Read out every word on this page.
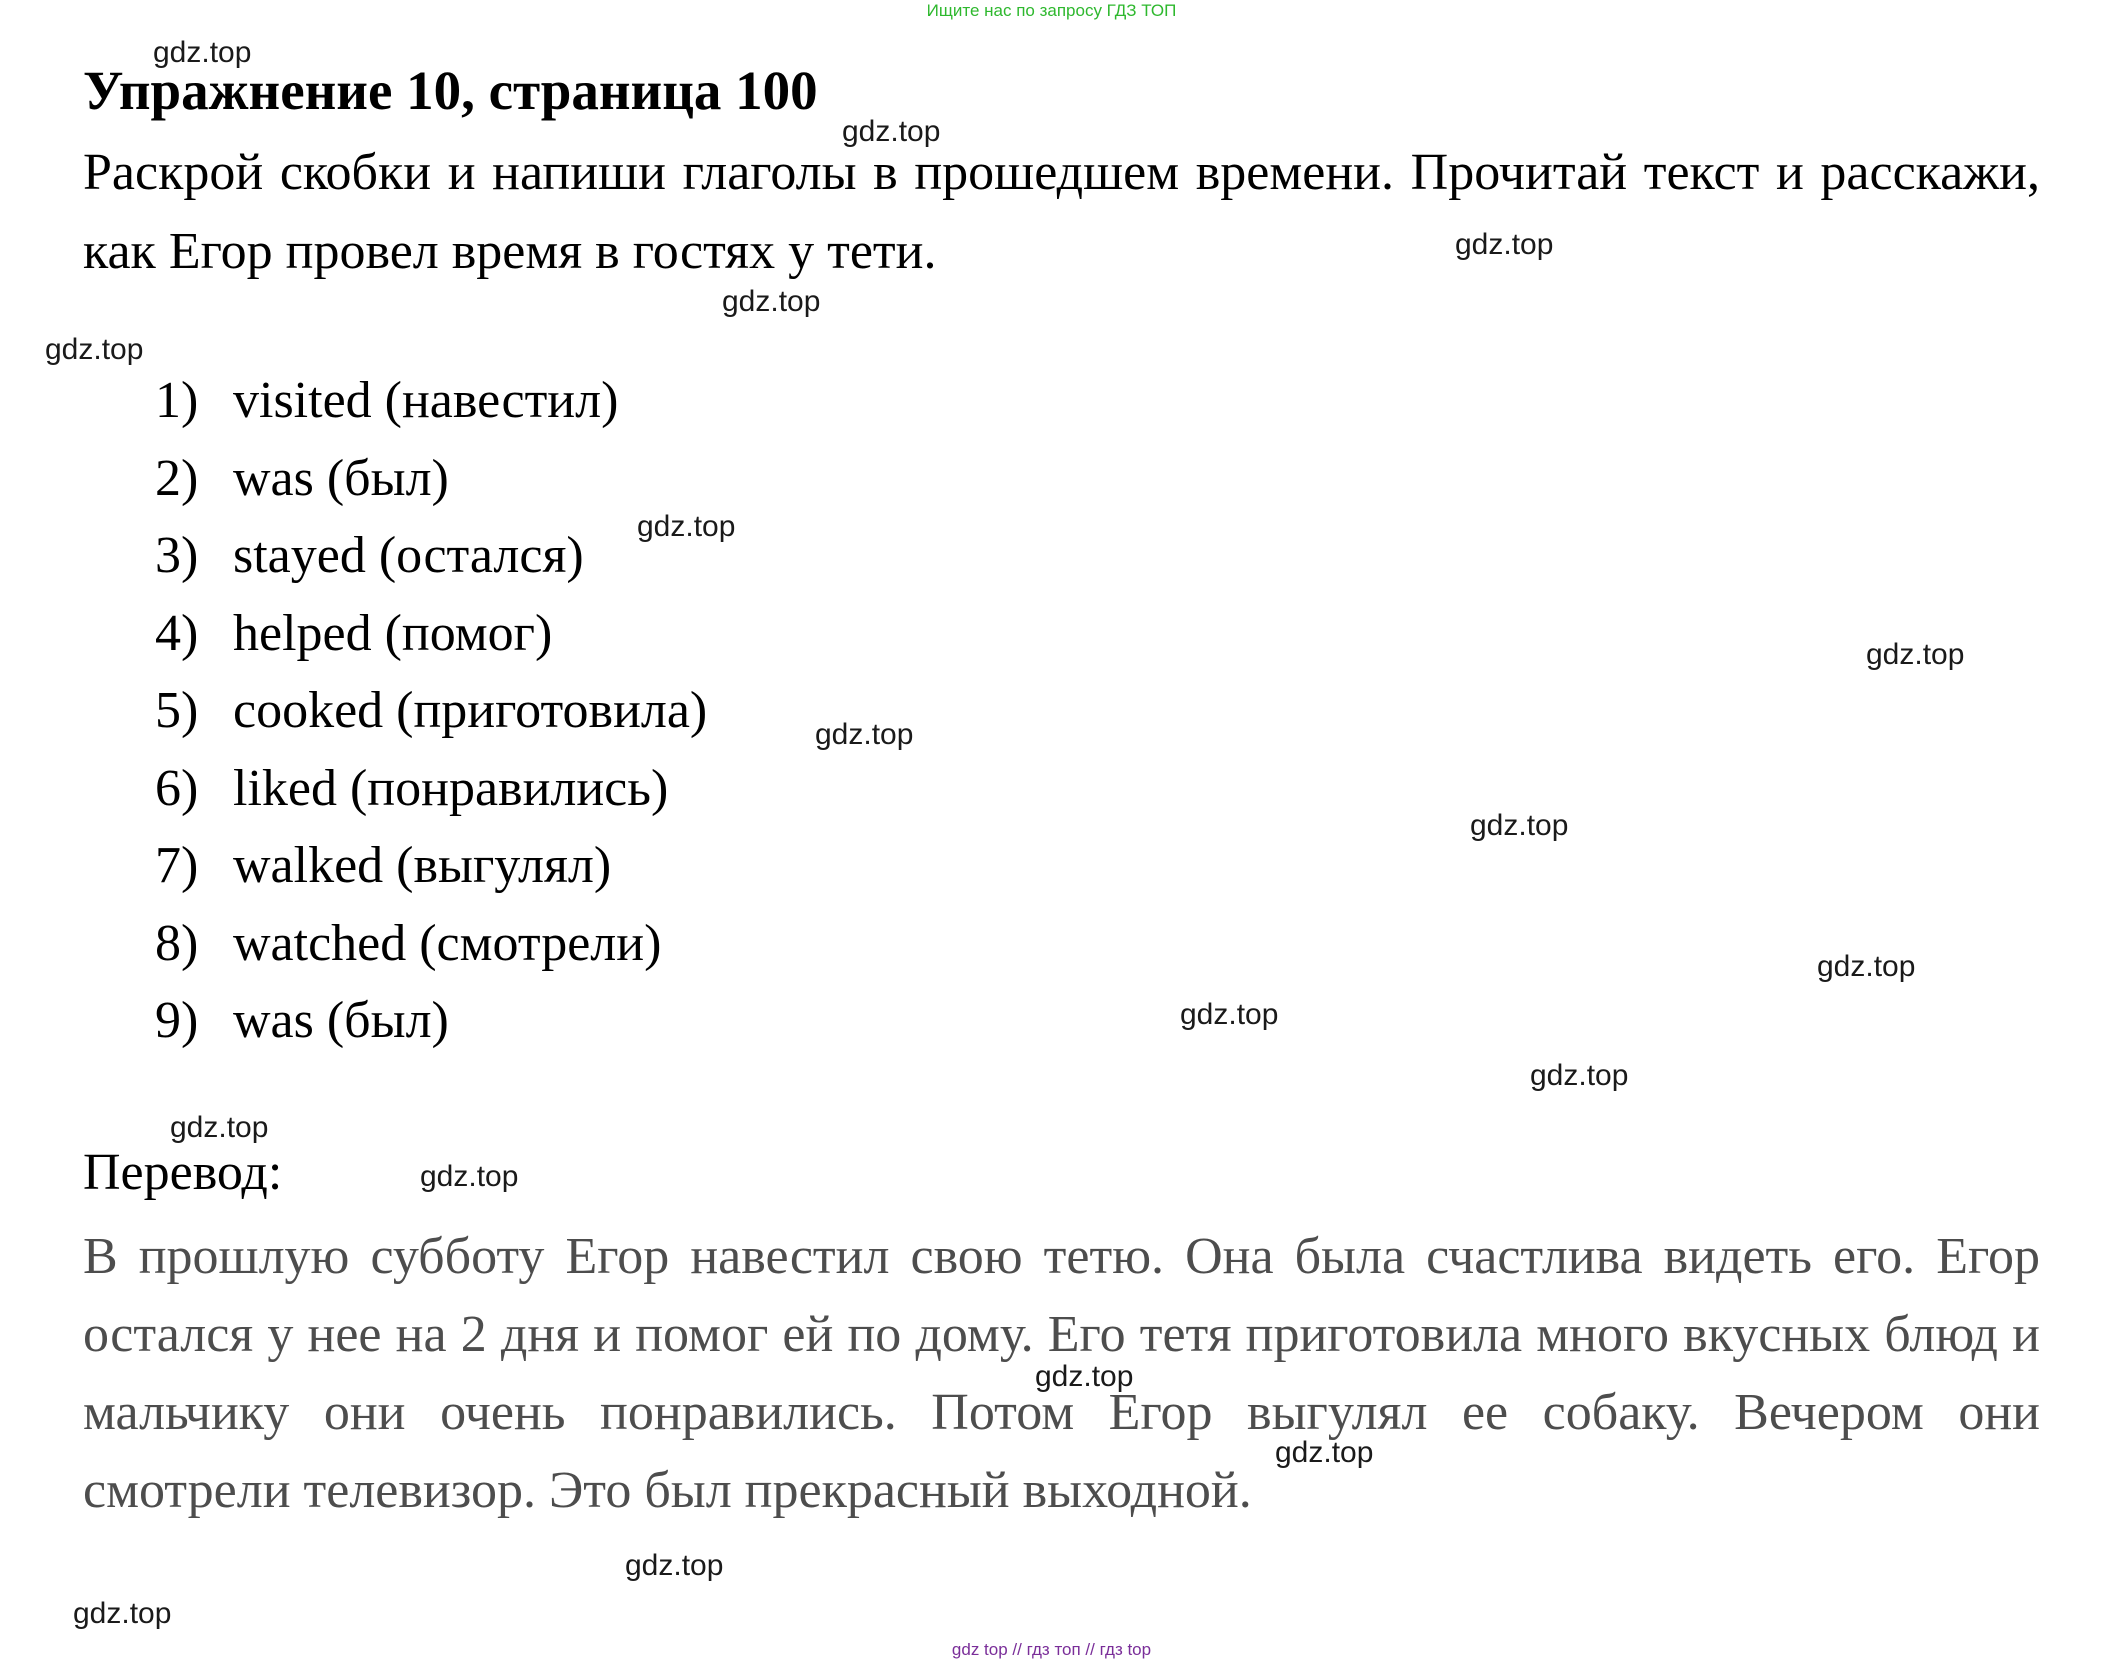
Ищите нас по запросу ГДЗ ТОП
Упражнение 10, страница 100
Раскрой скобки и напиши глаголы в прошедшем времени. Прочитай текст и расскажи, как Егор провел время в гостях у тети.
1) visited (навестил)
2) was (был)
3) stayed (остался)
4) helped (помог)
5) cooked (приготовила)
6) liked (понравились)
7) walked (выгулял)
8) watched (смотрели)
9) was (был)
Перевод:
В прошлую субботу Егор навестил свою тетю. Она была счастлива видеть его. Егор остался у нее на 2 дня и помог ей по дому. Его тетя приготовила много вкусных блюд и мальчику они очень понравились. Потом Егор выгулял ее собаку. Вечером они смотрели телевизор. Это был прекрасный выходной.
gdz.top
gdz.top
gdz.top
gdz.top
gdz.top
gdz.top
gdz.top
gdz.top
gdz.top
gdz.top
gdz.top
gdz.top
gdz.top
gdz.top
gdz.top
gdz.top
gdz.top
gdz.top
gdz top // гдз топ // гдз top
